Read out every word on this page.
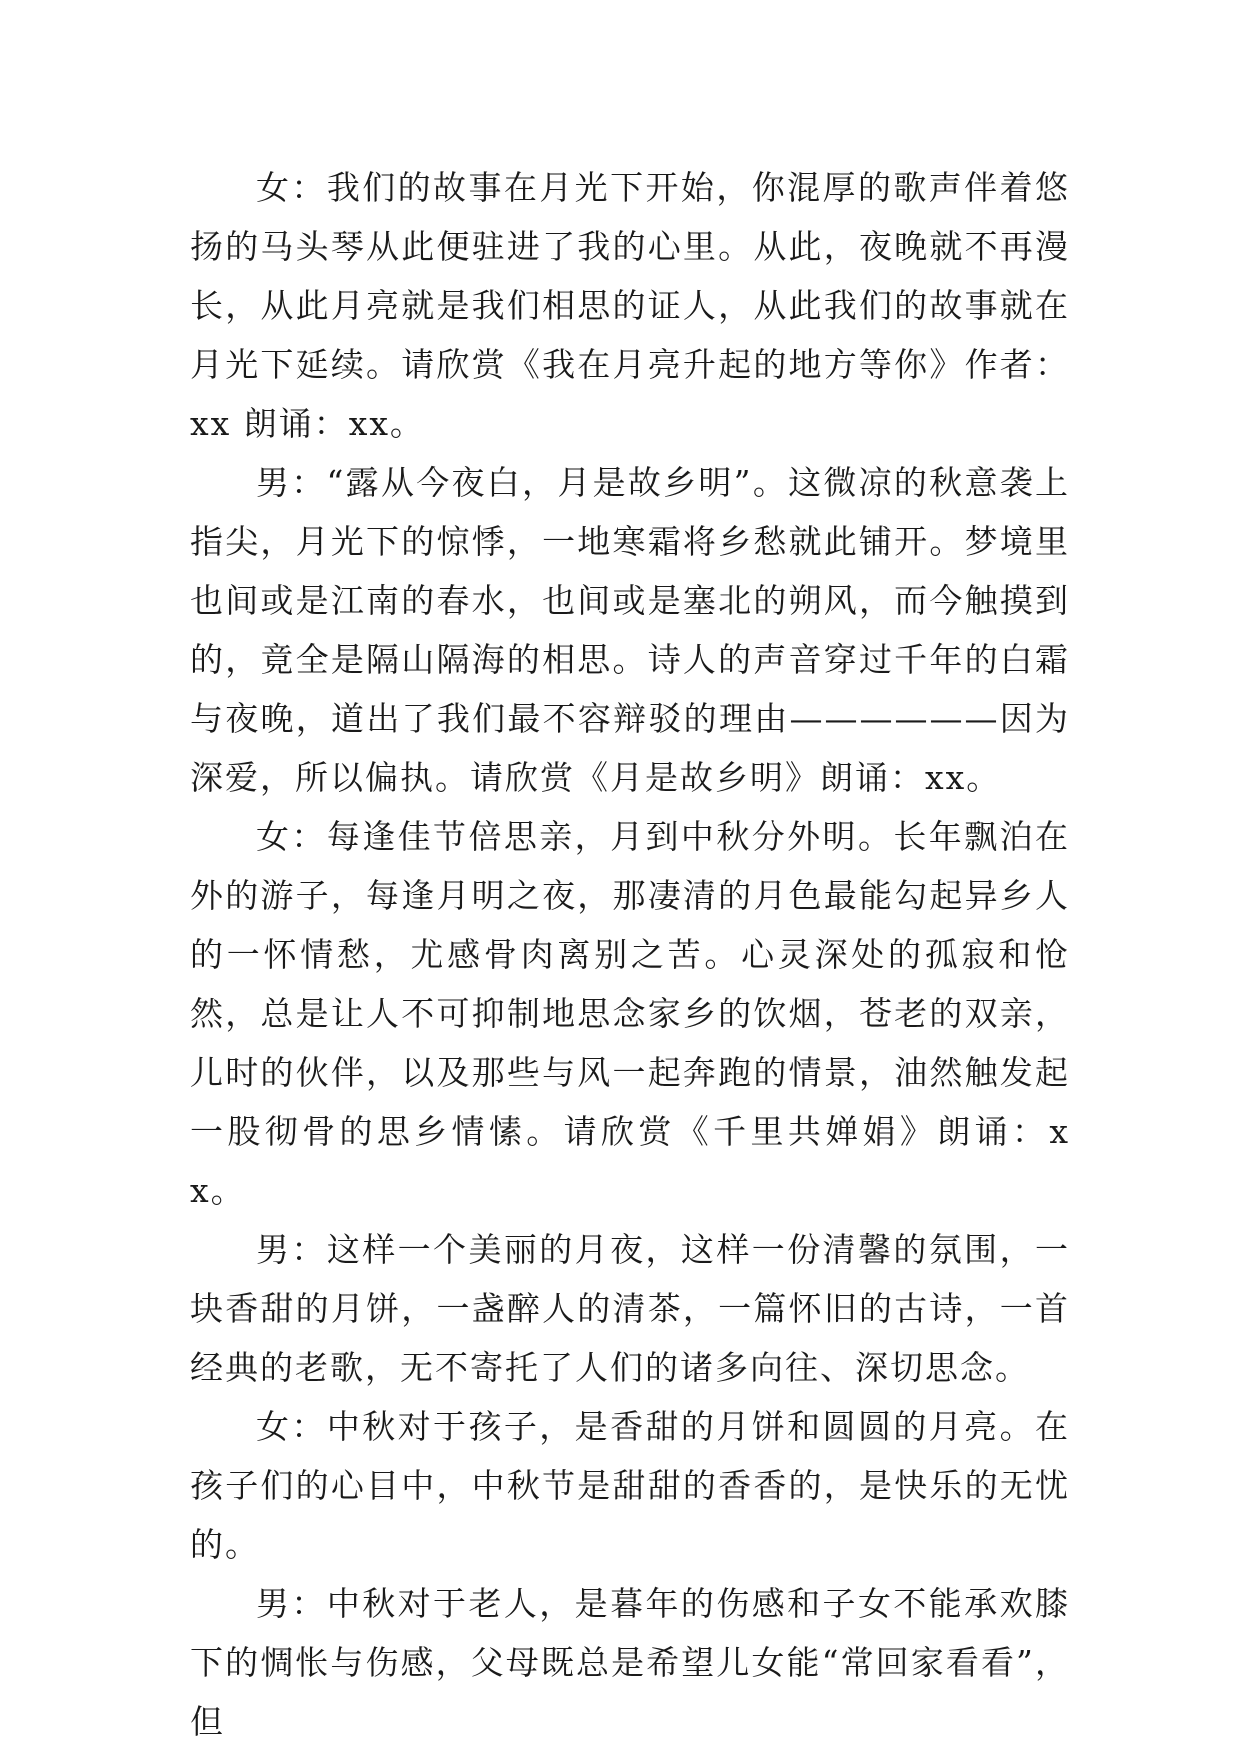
女：我们的故事在月光下开始，你混厚的歌声伴着悠扬的马头琴从此便驻进了我的心里。从此，夜晚就不再漫长，从此月亮就是我们相思的证人，从此我们的故事就在月光下延续。请欣赏《我在月亮升起的地方等你》作者：xx 朗诵：xx。

男：“露从今夜白，月是故乡明”。这微凉的秋意袭上指尖，月光下的惊悸，一地寒霜将乡愁就此铺开。梦境里也间或是江南的春水，也间或是塞北的朔风，而今触摸到的，竟全是隔山隔海的相思。诗人的声音穿过千年的白霜与夜晚，道出了我们最不容辩驳的理由——————因为深爱，所以偏执。请欣赏《月是故乡明》朗诵：xx。

女：每逢佳节倍思亲，月到中秋分外明。长年飘泊在外的游子，每逢月明之夜，那凄清的月色最能勾起异乡人的一怀情愁，尤感骨肉离别之苦。心灵深处的孤寂和怆然，总是让人不可抑制地思念家乡的饮烟，苍老的双亲，儿时的伙伴，以及那些与风一起奔跑的情景，油然触发起一股彻骨的思乡情愫。请欣赏《千里共婵娟》朗诵：xx。

男：这样一个美丽的月夜，这样一份清馨的氛围，一块香甜的月饼，一盏醉人的清茶，一篇怀旧的古诗，一首经典的老歌，无不寄托了人们的诸多向往、深切思念。

女：中秋对于孩子，是香甜的月饼和圆圆的月亮。在孩子们的心目中，中秋节是甜甜的香香的，是快乐的无忧的。

男：中秋对于老人，是暮年的伤感和子女不能承欢膝下的惆怅与伤感，父母既总是希望儿女能“常回家看看”，但
